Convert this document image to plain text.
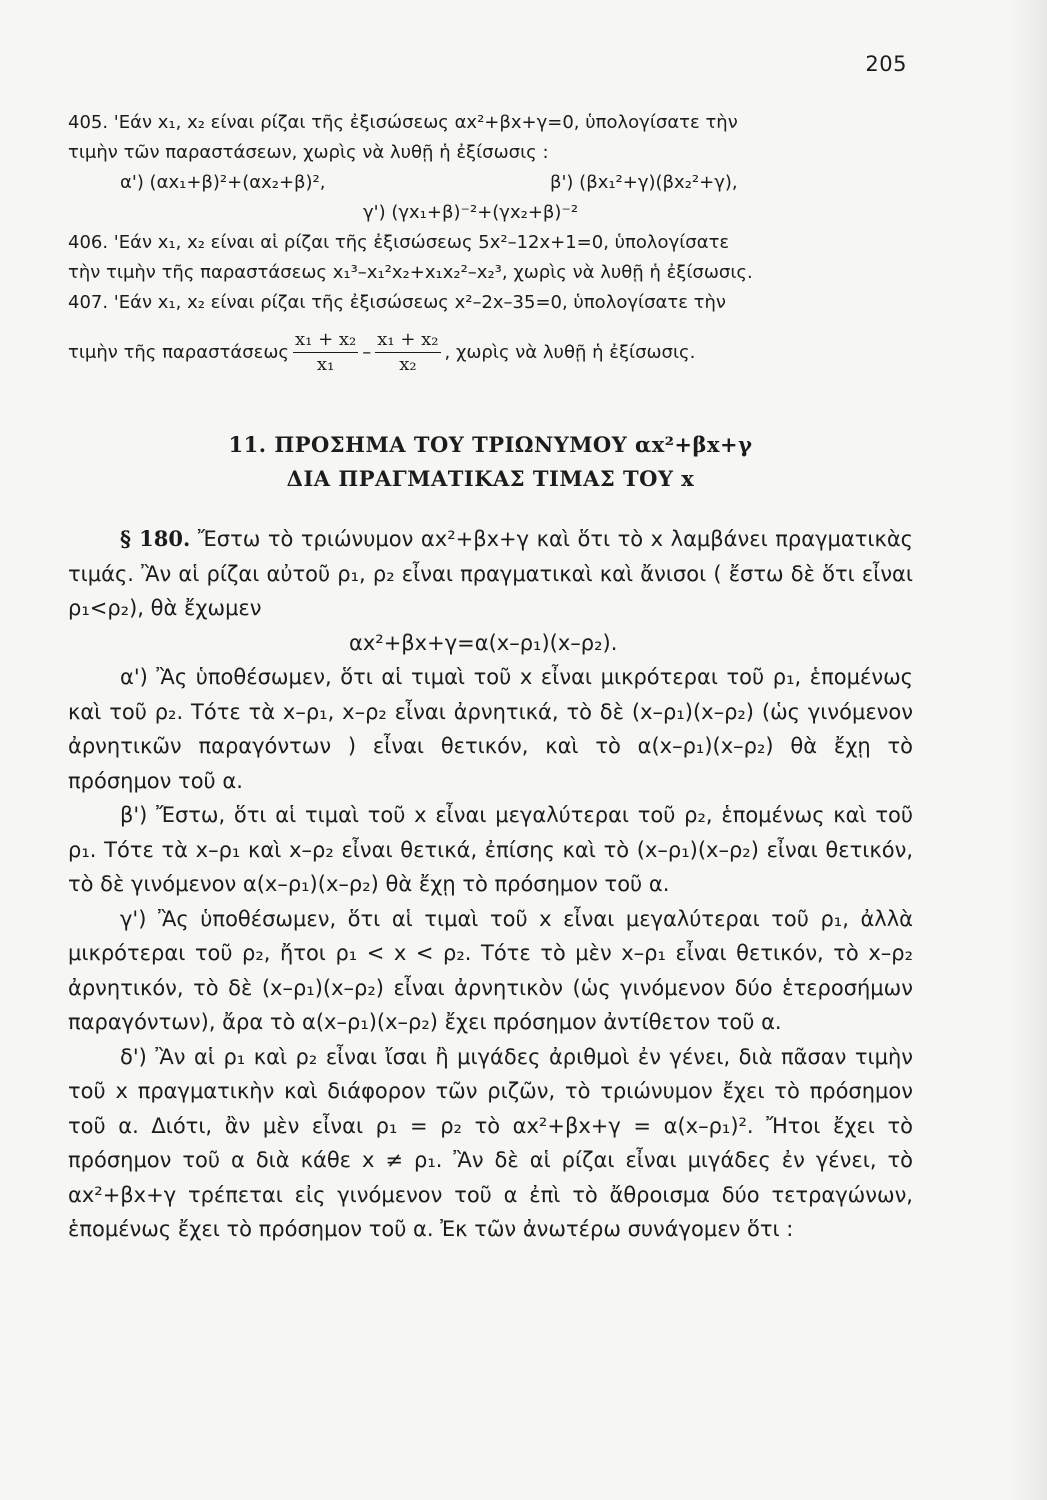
205

405. 'Εάν x₁, x₂ είναι ρίζαι τῆς ἐξισώσεως αx²+βx+γ=0, ὑπολογίσατε τὴν

τιμὴν τῶν παραστάσεων, χωρὶς νὰ λυθῇ ἡ ἐξίσωσις :

α') (αx₁+β)²+(αx₂+β)²,	β') (βx₁²+γ)(βx₂²+γ),
γ') (γx₁+β)⁻²+(γx₂+β)⁻²

406. 'Εάν x₁, x₂ είναι αἱ ρίζαι τῆς ἐξισώσεως 5x²–12x+1=0, ὑπολογίσατε

τὴν τιμὴν τῆς παραστάσεως x₁³–x₁²x₂+x₁x₂²–x₂³, χωρὶς νὰ λυθῇ ἡ ἐξίσωσις.

407. 'Εάν x₁, x₂ είναι ρίζαι τῆς ἐξισώσεως x²–2x–35=0, ὑπολογίσατε τὴν

τιμὴν τῆς παραστάσεως $\frac{\text{x₁ + x₂}}{\text{x₁}} - \frac{\text{x₁ + x₂}}{\text{x₂}}$ , χωρὶς νὰ λυθῇ ἡ ἐξίσωσις.

11. ΠΡΟΣΗΜΑ ΤΟΥ ΤΡΙΩΝΥΜΟΥ αx²+βx+γ

ΔΙΑ ΠΡΑΓΜΑΤΙΚΑΣ ΤΙΜΑΣ ΤΟΥ x

§ 180. Ἔστω τὸ τριώνυμον αx²+βx+γ καὶ ὅτι τὸ x λαμβάνει πραγματικὰς τιμάς. Ἂν αἱ ρίζαι αὐτοῦ ρ₁, ρ₂ εἶναι πραγματικαὶ καὶ ἄνισοι ( ἔστω δὲ ὅτι εἶναι ρ₁<ρ₂), θὰ ἔχωμεν

αx²+βx+γ=α(x–ρ₁)(x–ρ₂).

α') Ἂς ὑποθέσωμεν, ὅτι αἱ τιμαὶ τοῦ x εἶναι μικρότεραι τοῦ ρ₁, ἑπομένως καὶ τοῦ ρ₂. Τότε τὰ x–ρ₁, x–ρ₂ εἶναι ἀρνητικά, τὸ δὲ (x–ρ₁)(x–ρ₂) (ὡς γινόμενον ἀρνητικῶν παραγόντων ) εἶναι θετικόν, καὶ τὸ α(x–ρ₁)(x–ρ₂) θὰ ἔχῃ τὸ πρόσημον τοῦ α.

β') Ἔστω, ὅτι αἱ τιμαὶ τοῦ x εἶναι μεγαλύτεραι τοῦ ρ₂, ἑπομένως καὶ τοῦ ρ₁. Τότε τὰ x–ρ₁ καὶ x–ρ₂ εἶναι θετικά, ἐπίσης καὶ τὸ (x–ρ₁)(x–ρ₂) εἶναι θετικόν, τὸ δὲ γινόμενον α(x–ρ₁)(x–ρ₂) θὰ ἔχῃ τὸ πρόσημον τοῦ α.

γ') Ἂς ὑποθέσωμεν, ὅτι αἱ τιμαὶ τοῦ x εἶναι μεγαλύτεραι τοῦ ρ₁, ἀλλὰ μικρότεραι τοῦ ρ₂, ἤτοι ρ₁ < x < ρ₂. Τότε τὸ μὲν x–ρ₁ εἶναι θετικόν, τὸ x–ρ₂ ἀρνητικόν, τὸ δὲ (x–ρ₁)(x–ρ₂) εἶναι ἀρνητικὸν (ὡς γινόμενον δύο ἑτεροσήμων παραγόντων), ἄρα τὸ α(x–ρ₁)(x–ρ₂) ἔχει πρόσημον ἀντίθετον τοῦ α.

δ') Ἂν αἱ ρ₁ καὶ ρ₂ εἶναι ἴσαι ἢ μιγάδες ἀριθμοὶ ἐν γένει, διὰ πᾶσαν τιμὴν τοῦ x πραγματικὴν καὶ διάφορον τῶν ριζῶν, τὸ τριώνυμον ἔχει τὸ πρόσημον τοῦ α. Διότι, ἂν μὲν εἶναι ρ₁ = ρ₂ τὸ αx²+βx+γ = α(x–ρ₁)². Ἤτοι ἔχει τὸ πρόσημον τοῦ α διὰ κάθε x ≠ ρ₁. Ἂν δὲ αἱ ρίζαι εἶναι μιγάδες ἐν γένει, τὸ αx²+βx+γ τρέπεται εἰς γινόμενον τοῦ α ἐπὶ τὸ ἄθροισμα δύο τετραγώνων, ἑπομένως ἔχει τὸ πρόσημον τοῦ α. Ἐκ τῶν ἀνωτέρω συνάγομεν ὅτι :
